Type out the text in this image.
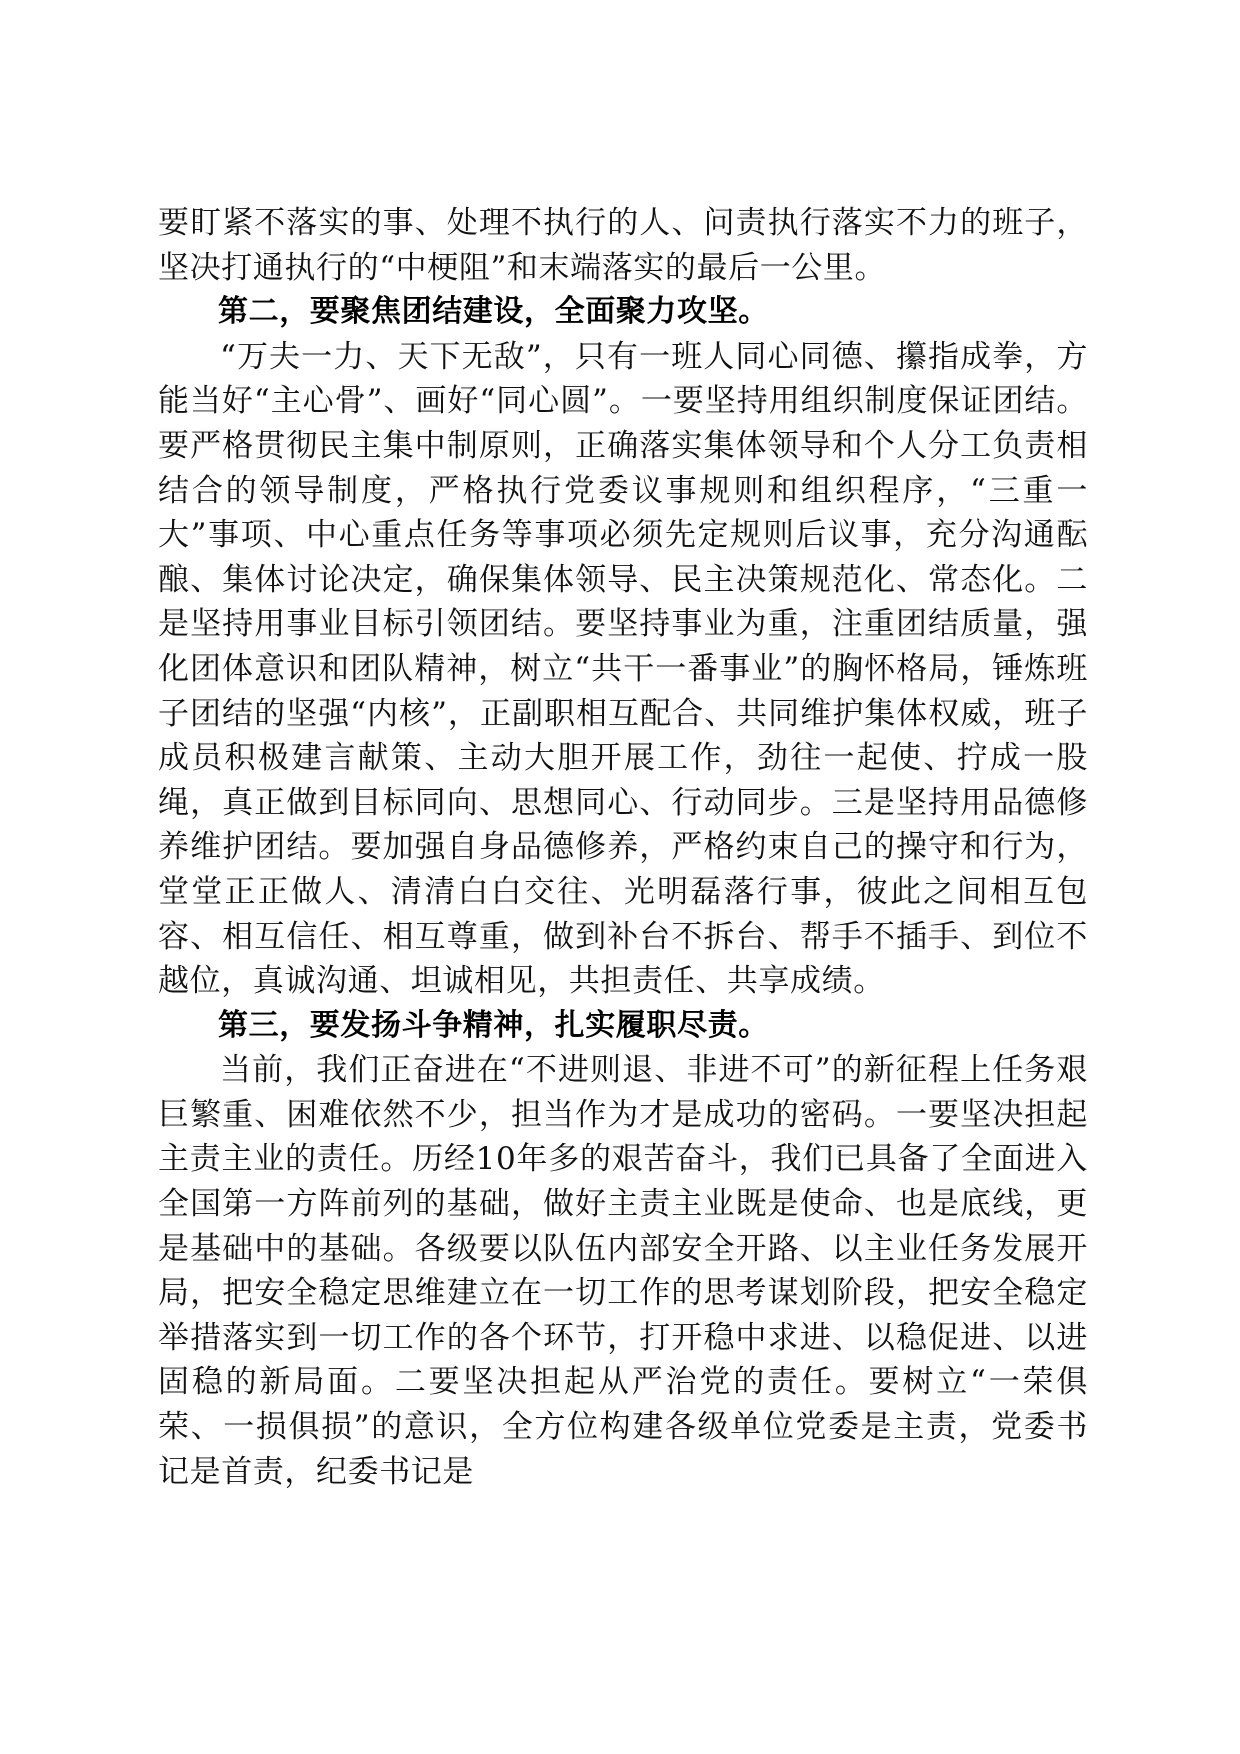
要盯紧不落实的事、处理不执行的人、问责执行落实不力的班子，坚决打通执行的“中梗阻”和末端落实的最后一公里。

第二，要聚焦团结建设，全面聚力攻坚。

“万夫一力、天下无敌”，只有一班人同心同德、攥指成拳，方能当好“主心骨”、画好“同心圆”。一要坚持用组织制度保证团结。要严格贯彻民主集中制原则，正确落实集体领导和个人分工负责相结合的领导制度，严格执行党委议事规则和组织程序，“三重一大”事项、中心重点任务等事项必须先定规则后议事，充分沟通酝酿、集体讨论决定，确保集体领导、民主决策规范化、常态化。二是坚持用事业目标引领团结。要坚持事业为重，注重团结质量，强化团体意识和团队精神，树立“共干一番事业”的胸怀格局，锤炼班子团结的坚强“内核”，正副职相互配合、共同维护集体权威，班子成员积极建言献策、主动大胆开展工作，劲往一起使、拧成一股绳，真正做到目标同向、思想同心、行动同步。三是坚持用品德修养维护团结。要加强自身品德修养，严格约束自己的操守和行为，堂堂正正做人、清清白白交往、光明磊落行事，彼此之间相互包容、相互信任、相互尊重，做到补台不拆台、帮手不插手、到位不越位，真诚沟通、坦诚相见，共担责任、共享成绩。

第三，要发扬斗争精神，扎实履职尽责。

当前，我们正奋进在“不进则退、非进不可”的新征程上任务艰巨繁重、困难依然不少，担当作为才是成功的密码。一要坚决担起主责主业的责任。历经10年多的艰苦奋斗，我们已具备了全面进入全国第一方阵前列的基础，做好主责主业既是使命、也是底线，更是基础中的基础。各级要以队伍内部安全开路、以主业任务发展开局，把安全稳定思维建立在一切工作的思考谋划阶段，把安全稳定举措落实到一切工作的各个环节，打开稳中求进、以稳促进、以进固稳的新局面。二要坚决担起从严治党的责任。要树立“一荣俱荣、一损俱损”的意识，全方位构建各级单位党委是主责，党委书记是首责，纪委书记是
